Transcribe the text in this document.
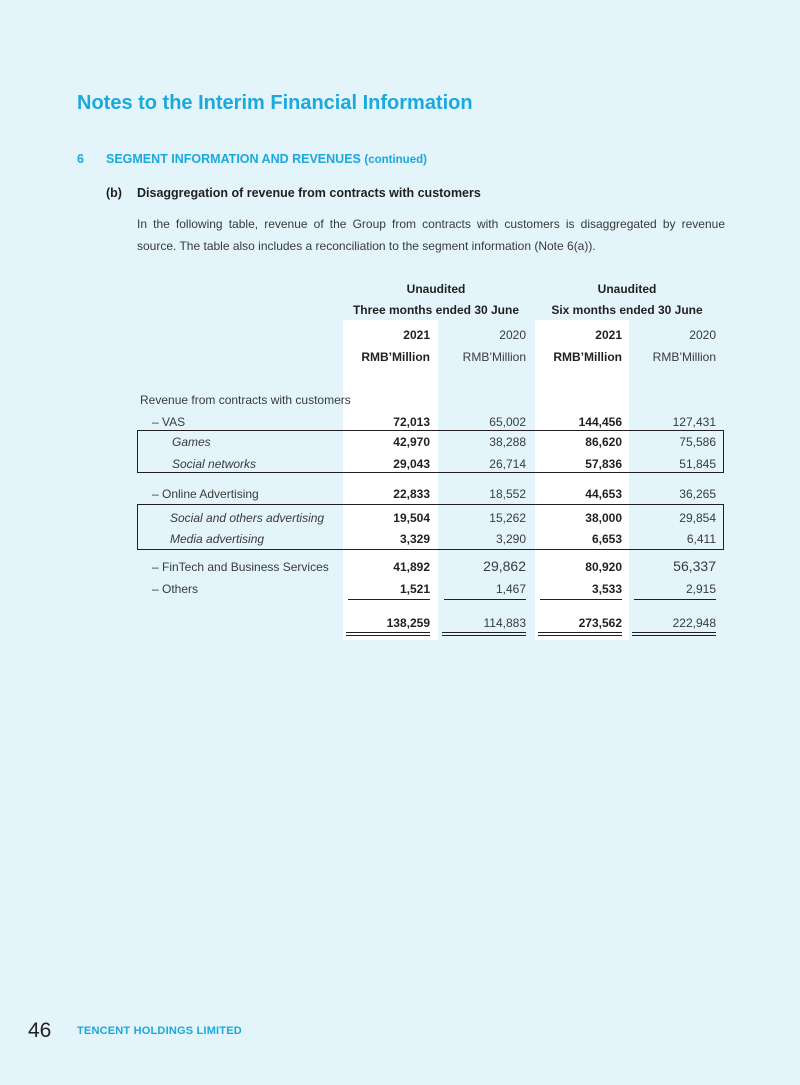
Notes to the Interim Financial Information
6 SEGMENT INFORMATION AND REVENUES (continued)
(b) Disaggregation of revenue from contracts with customers
In the following table, revenue of the Group from contracts with customers is disaggregated by revenue source. The table also includes a reconciliation to the segment information (Note 6(a)).
Unaudited
Three months ended 30 June
Unaudited
Six months ended 30 June
2021	2020	2021	2020
RMB’Million	RMB’Million	RMB’Million	RMB’Million
Revenue from contracts with customers
– VAS	72,013	65,002	144,456	127,431
Games	42,970	38,288	86,620	75,586
Social networks	29,043	26,714	57,836	51,845
– Online Advertising	22,833	18,552	44,653	36,265
Social and others advertising	19,504	15,262	38,000	29,854
Media advertising	3,329	3,290	6,653	6,411
– FinTech and Business Services	41,892	29,862	80,920	56,337
– Others	1,521	1,467	3,533	2,915
138,259	114,883	273,562	222,948
46 TENCENT HOLDINGS LIMITED
